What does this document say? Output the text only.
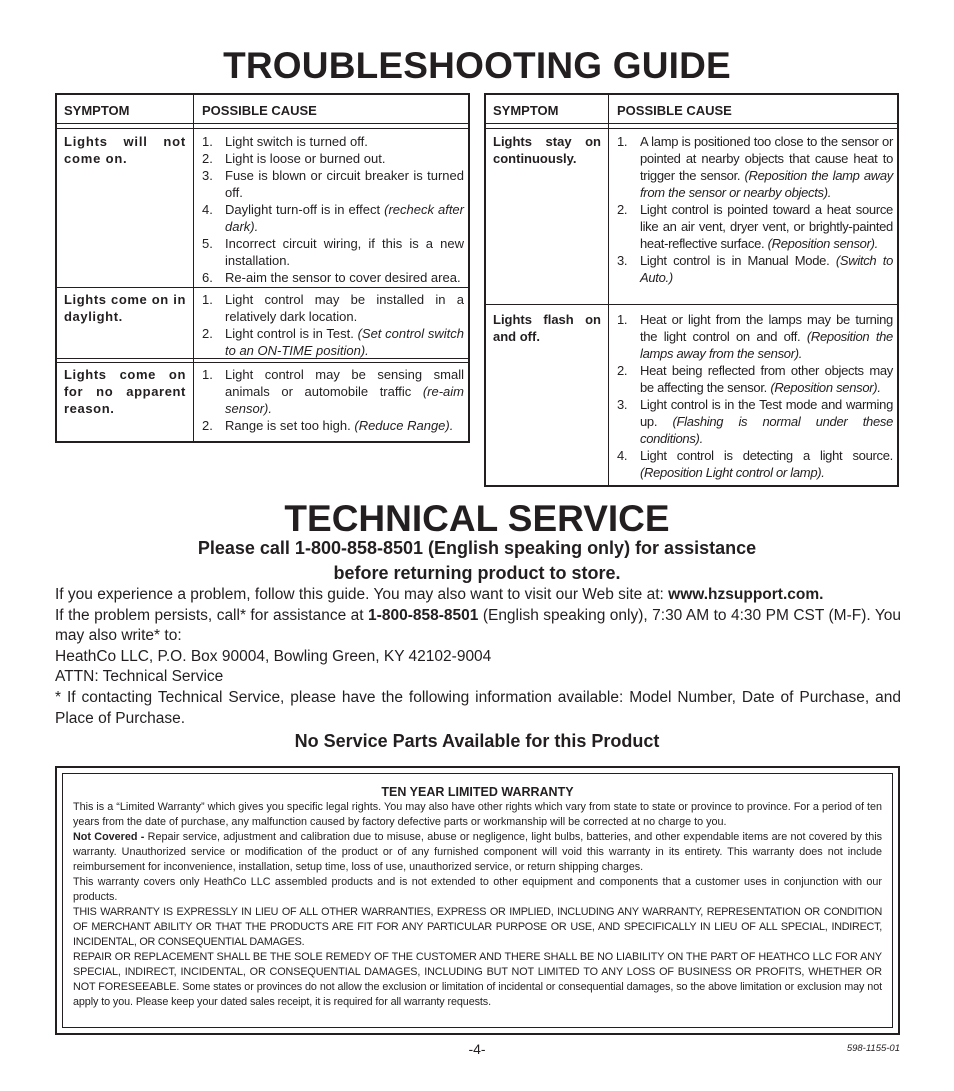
TROUBLESHOOTING GUIDE
SYMPTOM	POSSIBLE CAUSE
Lights will not come on.
1. Light switch is turned off.
2. Light is loose or burned out.
3. Fuse is blown or circuit breaker is turned off.
4. Daylight turn-off is in effect (recheck after dark).
5. Incorrect circuit wiring, if this is a new installation.
6. Re-aim the sensor to cover desired area.
Lights come on in daylight.
1. Light control may be installed in a relatively dark location.
2. Light control is in Test. (Set control switch to an ON-TIME position).
Lights come on for no apparent reason.
1. Light control may be sensing small animals or automobile traffic (re-aim sensor).
2. Range is set too high. (Reduce Range).
SYMPTOM	POSSIBLE CAUSE
Lights stay on continuously.
1. A lamp is positioned too close to the sensor or pointed at nearby objects that cause heat to trigger the sensor. (Reposition the lamp away from the sensor or nearby objects).
2. Light control is pointed toward a heat source like an air vent, dryer vent, or brightly-painted heat-reflective surface. (Reposition sensor).
3. Light control is in Manual Mode. (Switch to Auto.)
Lights flash on and off.
1. Heat or light from the lamps may be turning the light control on and off. (Reposition the lamps away from the sensor).
2. Heat being reflected from other objects may be affecting the sensor. (Reposition sensor).
3. Light control is in the Test mode and warming up. (Flashing is normal under these conditions).
4. Light control is detecting a light source. (Reposition Light control or lamp).
TECHNICAL SERVICE
Please call 1-800-858-8501 (English speaking only) for assistance
before returning product to store.

If you experience a problem, follow this guide. You may also want to visit our Web site at: www.hzsupport.com.

If the problem persists, call* for assistance at 1-800-858-8501 (English speaking only), 7:30 AM to 4:30 PM CST (M-F). You may also write* to:

HeathCo LLC, P.O. Box 90004, Bowling Green, KY 42102-9004

ATTN: Technical Service

* If contacting Technical Service, please have the following information available: Model Number, Date of Purchase, and Place of Purchase.

No Service Parts Available for this Product
TEN YEAR LIMITED WARRANTY

This is a “Limited Warranty” which gives you specific legal rights. You may also have other rights which vary from state to state or province to province. For a period of ten years from the date of purchase, any malfunction caused by factory defective parts or workmanship will be corrected at no charge to you.

Not Covered - Repair service, adjustment and calibration due to misuse, abuse or negligence, light bulbs, batteries, and other expendable items are not covered by this warranty. Unauthorized service or modification of the product or of any furnished component will void this warranty in its entirety. This warranty does not include reimbursement for inconvenience, installation, setup time, loss of use, unauthorized service, or return shipping charges.

This warranty covers only HeathCo LLC assembled products and is not extended to other equipment and components that a customer uses in conjunction with our products.

THIS WARRANTY IS EXPRESSLY IN LIEU OF ALL OTHER WARRANTIES, EXPRESS OR IMPLIED, INCLUDING ANY WARRANTY, REPRESENTATION OR CONDITION OF MERCHANT ABILITY OR THAT THE PRODUCTS ARE FIT FOR ANY PARTICULAR PURPOSE OR USE, AND SPECIFICALLY IN LIEU OF ALL SPECIAL, INDIRECT, INCIDENTAL, OR CONSEQUENTIAL DAMAGES.

REPAIR OR REPLACEMENT SHALL BE THE SOLE REMEDY OF THE CUSTOMER AND THERE SHALL BE NO LIABILITY ON THE PART OF HEATHCO LLC FOR ANY SPECIAL, INDIRECT, INCIDENTAL, OR CONSEQUENTIAL DAMAGES, INCLUDING BUT NOT LIMITED TO ANY LOSS OF BUSINESS OR PROFITS, WHETHER OR NOT FORESEEABLE. Some states or provinces do not allow the exclusion or limitation of incidental or consequential damages, so the above limitation or exclusion may not apply to you. Please keep your dated sales receipt, it is required for all warranty requests.

-4-	598-1155-01
